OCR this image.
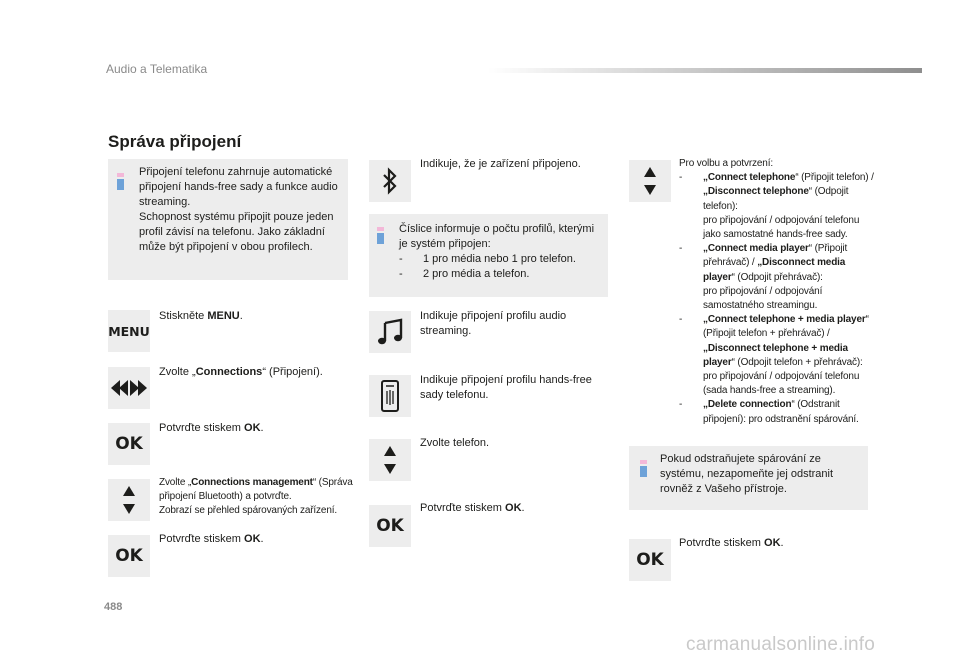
Audio a Telematika
Správa připojení
Připojení telefonu zahrnuje automatické připojení hands-free sady a funkce audio streaming.
Schopnost systému připojit pouze jeden profil závisí na telefonu. Jako základní může být připojení v obou profilech.
MENU
Stiskněte MENU.
Zvolte „Connections“ (Připojení).
OK
Potvrďte stiskem OK.
Zvolte „Connections management“ (Správa připojení Bluetooth) a potvrďte.
Zobrazí se přehled spárovaných zařízení.
OK
Potvrďte stiskem OK.
Indikuje, že je zařízení připojeno.
Číslice informuje o počtu profilů, kterými je systém připojen:
-	1 pro média nebo 1 pro telefon.
-	2 pro média a telefon.
Indikuje připojení profilu audio streaming.
Indikuje připojení profilu hands-free sady telefonu.
Zvolte telefon.
OK
Potvrďte stiskem OK.
Pro volbu a potvrzení:
-	„Connect telephone“ (Připojit telefon) / „Disconnect telephone“ (Odpojit telefon):
pro připojování / odpojování telefonu jako samostatné hands-free sady.
-	„Connect media player“ (Připojit přehrávač) / „Disconnect media player“ (Odpojit přehrávač):
pro připojování / odpojování samostatného streamingu.
-	„Connect telephone + media player“ (Připojit telefon + přehrávač) / „Disconnect telephone + media player“ (Odpojit telefon + přehrávač):
pro připojování / odpojování telefonu (sada hands-free a streaming).
-	„Delete connection“ (Odstranit připojení): pro odstranění spárování.
Pokud odstraňujete spárování ze systému, nezapomeňte jej odstranit rovněž z Vašeho přístroje.
OK
Potvrďte stiskem OK.
488
carmanualsonline.info
